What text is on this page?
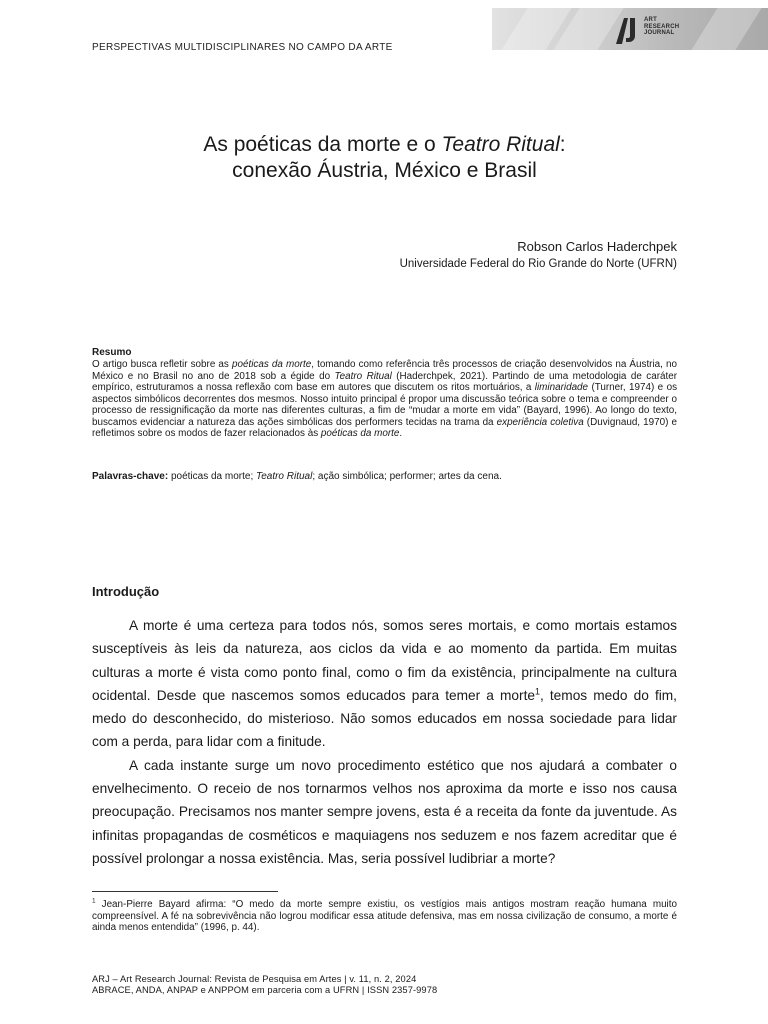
ART
RESEARCH
JOURNAL
PERSPECTIVAS MULTIDISCIPLINARES NO CAMPO DA ARTE
As poéticas da morte e o Teatro Ritual:
conexão Áustria, México e Brasil
Robson Carlos Haderchpek
Universidade Federal do Rio Grande do Norte (UFRN)
Resumo
O artigo busca refletir sobre as poéticas da morte, tomando como referência três processos de criação desenvolvidos na Áustria, no México e no Brasil no ano de 2018 sob a égide do Teatro Ritual (Haderchpek, 2021). Partindo de uma metodologia de caráter empírico, estruturamos a nossa reflexão com base em autores que discutem os ritos mortuários, a liminaridade (Turner, 1974) e os aspectos simbólicos decorrentes dos mesmos. Nosso intuito principal é propor uma discussão teórica sobre o tema e compreender o processo de ressignificação da morte nas diferentes culturas, a fim de “mudar a morte em vida” (Bayard, 1996). Ao longo do texto, buscamos evidenciar a natureza das ações simbólicas dos performers tecidas na trama da experiência coletiva (Duvignaud, 1970) e refletimos sobre os modos de fazer relacionados às poéticas da morte.
Palavras-chave: poéticas da morte; Teatro Ritual; ação simbólica; performer; artes da cena.
Introdução

A morte é uma certeza para todos nós, somos seres mortais, e como mortais estamos susceptíveis às leis da natureza, aos ciclos da vida e ao momento da partida. Em muitas culturas a morte é vista como ponto final, como o fim da existência, principalmente na cultura ocidental. Desde que nascemos somos educados para temer a morte$^1$, temos medo do fim, medo do desconhecido, do misterioso. Não somos educados em nossa sociedade para lidar com a perda, para lidar com a finitude.

A cada instante surge um novo procedimento estético que nos ajudará a combater o envelhecimento. O receio de nos tornarmos velhos nos aproxima da morte e isso nos causa preocupação. Precisamos nos manter sempre jovens, esta é a receita da fonte da juventude. As infinitas propagandas de cosméticos e maquiagens nos seduzem e nos fazem acreditar que é possível prolongar a nossa existência. Mas, seria possível ludibriar a morte?

$^1$ Jean-Pierre Bayard afirma: “O medo da morte sempre existiu, os vestígios mais antigos mostram reação humana muito compreensível. A fé na sobrevivência não logrou modificar essa atitude defensiva, mas em nossa civilização de consumo, a morte é ainda menos entendida” (1996, p. 44).
ARJ – Art Research Journal: Revista de Pesquisa em Artes | v. 11, n. 2, 2024
ABRACE, ANDA, ANPAP e ANPPOM em parceria com a UFRN | ISSN 2357-9978
